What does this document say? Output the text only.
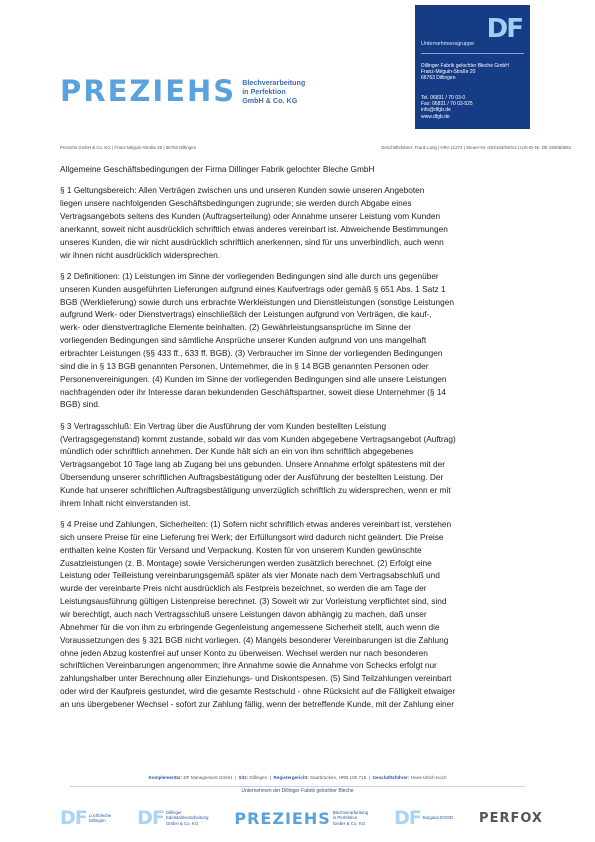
PREZIEHS Blechverarbeitung
in Perfektion
GmbH & Co. KG
DF
Unternehmensgruppe
Dillinger Fabrik gelochter Bleche GmbH
Franz-Méguin-Straße 20
66763 Dillingen
Tel. 06831 / 70 03-0
Fax: 06831 / 70 03-525
info@dfgb.de
www.dfgb.de
Preziehs GmbH & Co. KG | Franz-Méguin-Straße 20 | 66763 Dillingen	Geschäftsführer: Frank Lang | HRA 11272 | Steuer-Nr. 040/163/04014 | USt-ID-Nr. DE 283083562
Allgemeine Geschäftsbedingungen der Firma Dillinger Fabrik gelochter Bleche GmbH
§ 1 Geltungsbereich: Allen Verträgen zwischen uns und unseren Kunden sowie unseren Angeboten
liegen unsere nachfolgenden Geschäftsbedingungen zugrunde; sie werden durch Abgabe eines
Vertragsangebots seitens des Kunden (Auftragserteilung) oder Annahme unserer Leistung vom Kunden
anerkannt, soweit nicht ausdrücklich schriftlich etwas anderes vereinbart ist. Abweichende Bestimmungen
unseres Kunden, die wir nicht ausdrücklich schriftlich anerkennen, sind für uns unverbindlich, auch wenn
wir ihnen nicht ausdrücklich widersprechen.
§ 2 Definitionen: (1) Leistungen im Sinne der vorliegenden Bedingungen sind alle durch uns gegenüber
unseren Kunden ausgeführten Lieferungen aufgrund eines Kaufvertrags oder gemäß § 651 Abs. 1 Satz 1
BGB (Werklieferung) sowie durch uns erbrachte Werkleistungen und Dienstleistungen (sonstige Leistungen
aufgrund Werk- oder Dienstvertrags) einschließlich der Leistungen aufgrund von Verträgen, die kauf-,
werk- oder dienstvertragliche Elemente beinhalten. (2) Gewährleistungsansprüche im Sinne der
vorliegenden Bedingungen sind sämtliche Ansprüche unserer Kunden aufgrund von uns mangelhaft
erbrachter Leistungen (§§ 433 ff., 633 ff. BGB). (3) Verbraucher im Sinne der vorliegenden Bedingungen
sind die in § 13 BGB genannten Personen, Unternehmer, die in § 14 BGB genannten Personen oder
Personenvereinigungen. (4) Kunden im Sinne der vorliegenden Bedingungen sind alle unsere Leistungen
nachfragenden oder ihr Interesse daran bekundenden Geschäftspartner, soweit diese Unternehmer (§ 14
BGB) sind.
§ 3 Vertragsschluß: Ein Vertrag über die Ausführung der vom Kunden bestellten Leistung
(Vertragsgegenstand) kommt zustande, sobald wir das vom Kunden abgegebene Vertragsangebot (Auftrag)
mündlich oder schriftlich annehmen. Der Kunde hält sich an ein von ihm schriftlich abgegebenes
Vertragsangebot 10 Tage lang ab Zugang bei uns gebunden. Unsere Annahme erfolgt spätestens mit der
Übersendung unserer schriftlichen Auftragsbestätigung oder der Ausführung der bestellten Leistung. Der
Kunde hat unserer schriftlichen Auftragsbestätigung unverzüglich schriftlich zu widersprechen, wenn er mit
ihrem Inhalt nicht einverstanden ist.
§ 4 Preise und Zahlungen, Sicherheiten: (1) Sofern nicht schriftlich etwas anderes vereinbart ist, verstehen
sich unsere Preise für eine Lieferung frei Werk; der Erfüllungsort wird dadurch nicht geändert. Die Preise
enthalten keine Kosten für Versand und Verpackung. Kosten für von unserem Kunden gewünschte
Zusatzleistungen (z. B. Montage) sowie Versicherungen werden zusätzlich berechnet. (2) Erfolgt eine
Leistung oder Teilleistung vereinbarungsgemäß später als vier Monate nach dem Vertragsabschluß und
wurde der vereinbarte Preis nicht ausdrücklich als Festpreis bezeichnet, so werden die am Tage der
Leistungsausführung gültigen Listenpreise berechnet. (3) Soweit wir zur Vorleistung verpflichtet sind, sind
wir berechtigt, auch nach Vertragsschluß unsere Leistungen davon abhängig zu machen, daß unser
Abnehmer für die von ihm zu erbringende Gegenleistung angemessene Sicherheit stellt, auch wenn die
Voraussetzungen des § 321 BGB nicht vorliegen. (4) Mangels besonderer Vereinbarungen ist die Zahlung
ohne jeden Abzug kostenfrei auf unser Konto zu überweisen. Wechsel werden nur nach besonderen
schriftlichen Vereinbarungen angenommen; ihre Annahme sowie die Annahme von Schecks erfolgt nur
zahlungshalber unter Berechnung aller Einziehungs- und Diskontspesen. (5) Sind Teilzahlungen vereinbart
oder wird der Kaufpreis gestundet, wird die gesamte Restschuld - ohne Rücksicht auf die Fälligkeit etwaiger
an uns übergebener Wechsel - sofort zur Zahlung fällig, wenn der betreffende Kunde, mit der Zahlung einer
Komplementär: DF Management GmbH  |  Sitz: Dillingen  |  Registergericht: Saarbrücken, HRB 100 715  |  Geschäftsführer: Hans-Ulrich Koch
Unternehmen der Dillinger Fabrik gelochter Bleche
DF Lochbleche
Dillingen DF Dillinger
Edelstahlverarbeitung
GmbH & Co. KG	PREZIEHS Blechverarbeitung
in Perfektion
GmbH & Co. KG DF Bulgaria EOOD PERFOX
